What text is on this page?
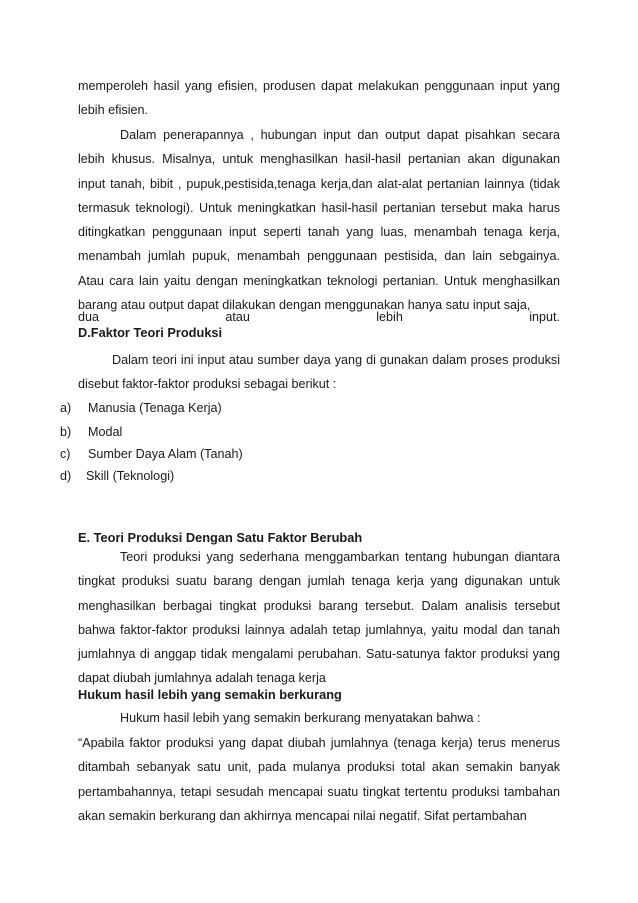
memperoleh hasil yang efisien, produsen dapat melakukan penggunaan input yang lebih efisien.

Dalam penerapannya , hubungan input dan output dapat pisahkan secara lebih khusus. Misalnya, untuk menghasilkan hasil-hasil pertanian akan digunakan input tanah, bibit , pupuk,pestisida,tenaga kerja,dan alat-alat pertanian lainnya (tidak termasuk teknologi). Untuk meningkatkan hasil-hasil pertanian tersebut maka harus ditingkatkan penggunaan input seperti tanah yang luas, menambah tenaga kerja, menambah jumlah pupuk, menambah penggunaan pestisida, dan lain sebgainya. Atau cara lain yaitu dengan meningkatkan teknologi pertanian. Untuk menghasilkan barang atau output dapat dilakukan dengan menggunakan hanya satu input saja,

dua atau lebih input.

D.Faktor Teori Produksi

Dalam teori ini input atau sumber daya yang di gunakan dalam proses produksi disebut faktor-faktor produksi sebagai berikut :

a) Manusia (Tenaga Kerja)

b) Modal

c) Sumber Daya Alam (Tanah)

d) Skill (Teknologi)

E. Teori Produksi Dengan Satu Faktor Berubah

Teori produksi yang sederhana menggambarkan tentang hubungan diantara tingkat produksi suatu barang dengan jumlah tenaga kerja yang digunakan untuk menghasilkan berbagai tingkat produksi barang tersebut. Dalam analisis tersebut bahwa faktor-faktor produksi lainnya adalah tetap jumlahnya, yaitu modal dan tanah jumlahnya di anggap tidak mengalami perubahan. Satu-satunya faktor produksi yang dapat diubah jumlahnya adalah tenaga kerja

Hukum hasil lebih yang semakin berkurang

Hukum hasil lebih yang semakin berkurang menyatakan bahwa :

“Apabila faktor produksi yang dapat diubah jumlahnya (tenaga kerja) terus menerus ditambah sebanyak satu unit, pada mulanya produksi total akan semakin banyak pertambahannya, tetapi sesudah mencapai suatu tingkat tertentu produksi tambahan akan semakin berkurang dan akhirnya mencapai nilai negatif. Sifat pertambahan
